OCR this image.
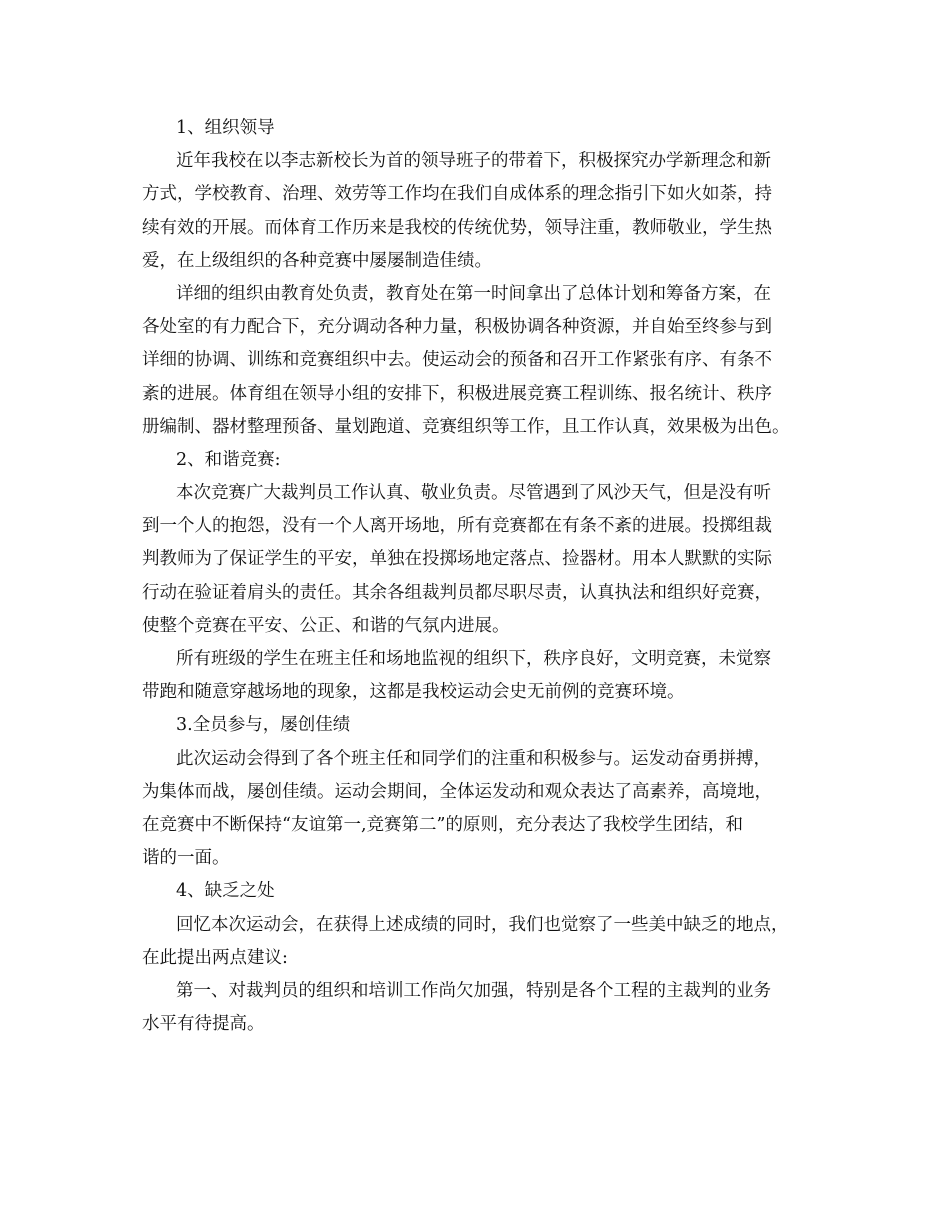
1、组织领导
近年我校在以李志新校长为首的领导班子的带着下，积极探究办学新理念和新
方式，学校教育、治理、效劳等工作均在我们自成体系的理念指引下如火如荼，持
续有效的开展。而体育工作历来是我校的传统优势，领导注重，教师敬业，学生热
爱，在上级组织的各种竞赛中屡屡制造佳绩。
详细的组织由教育处负责，教育处在第一时间拿出了总体计划和筹备方案，在
各处室的有力配合下，充分调动各种力量，积极协调各种资源，并自始至终参与到
详细的协调、训练和竞赛组织中去。使运动会的预备和召开工作紧张有序、有条不
紊的进展。体育组在领导小组的安排下，积极进展竞赛工程训练、报名统计、秩序
册编制、器材整理预备、量划跑道、竞赛组织等工作，且工作认真，效果极为出色。
2、和谐竞赛:
本次竞赛广大裁判员工作认真、敬业负责。尽管遇到了风沙天气，但是没有听
到一个人的抱怨，没有一个人离开场地，所有竞赛都在有条不紊的进展。投掷组裁
判教师为了保证学生的平安，单独在投掷场地定落点、捡器材。用本人默默的实际
行动在验证着肩头的责任。其余各组裁判员都尽职尽责，认真执法和组织好竞赛，
使整个竞赛在平安、公正、和谐的气氛内进展。
所有班级的学生在班主任和场地监视的组织下，秩序良好，文明竞赛，未觉察
带跑和随意穿越场地的现象，这都是我校运动会史无前例的竞赛环境。
3.全员参与，屡创佳绩
此次运动会得到了各个班主任和同学们的注重和积极参与。运发动奋勇拼搏，
为集体而战，屡创佳绩。运动会期间，全体运发动和观众表达了高素养，高境地，
在竞赛中不断保持“友谊第一,竞赛第二”的原则，充分表达了我校学生团结，和
谐的一面。
4、缺乏之处
回忆本次运动会，在获得上述成绩的同时，我们也觉察了一些美中缺乏的地点，
在此提出两点建议:
第一、对裁判员的组织和培训工作尚欠加强，特别是各个工程的主裁判的业务
水平有待提高。
